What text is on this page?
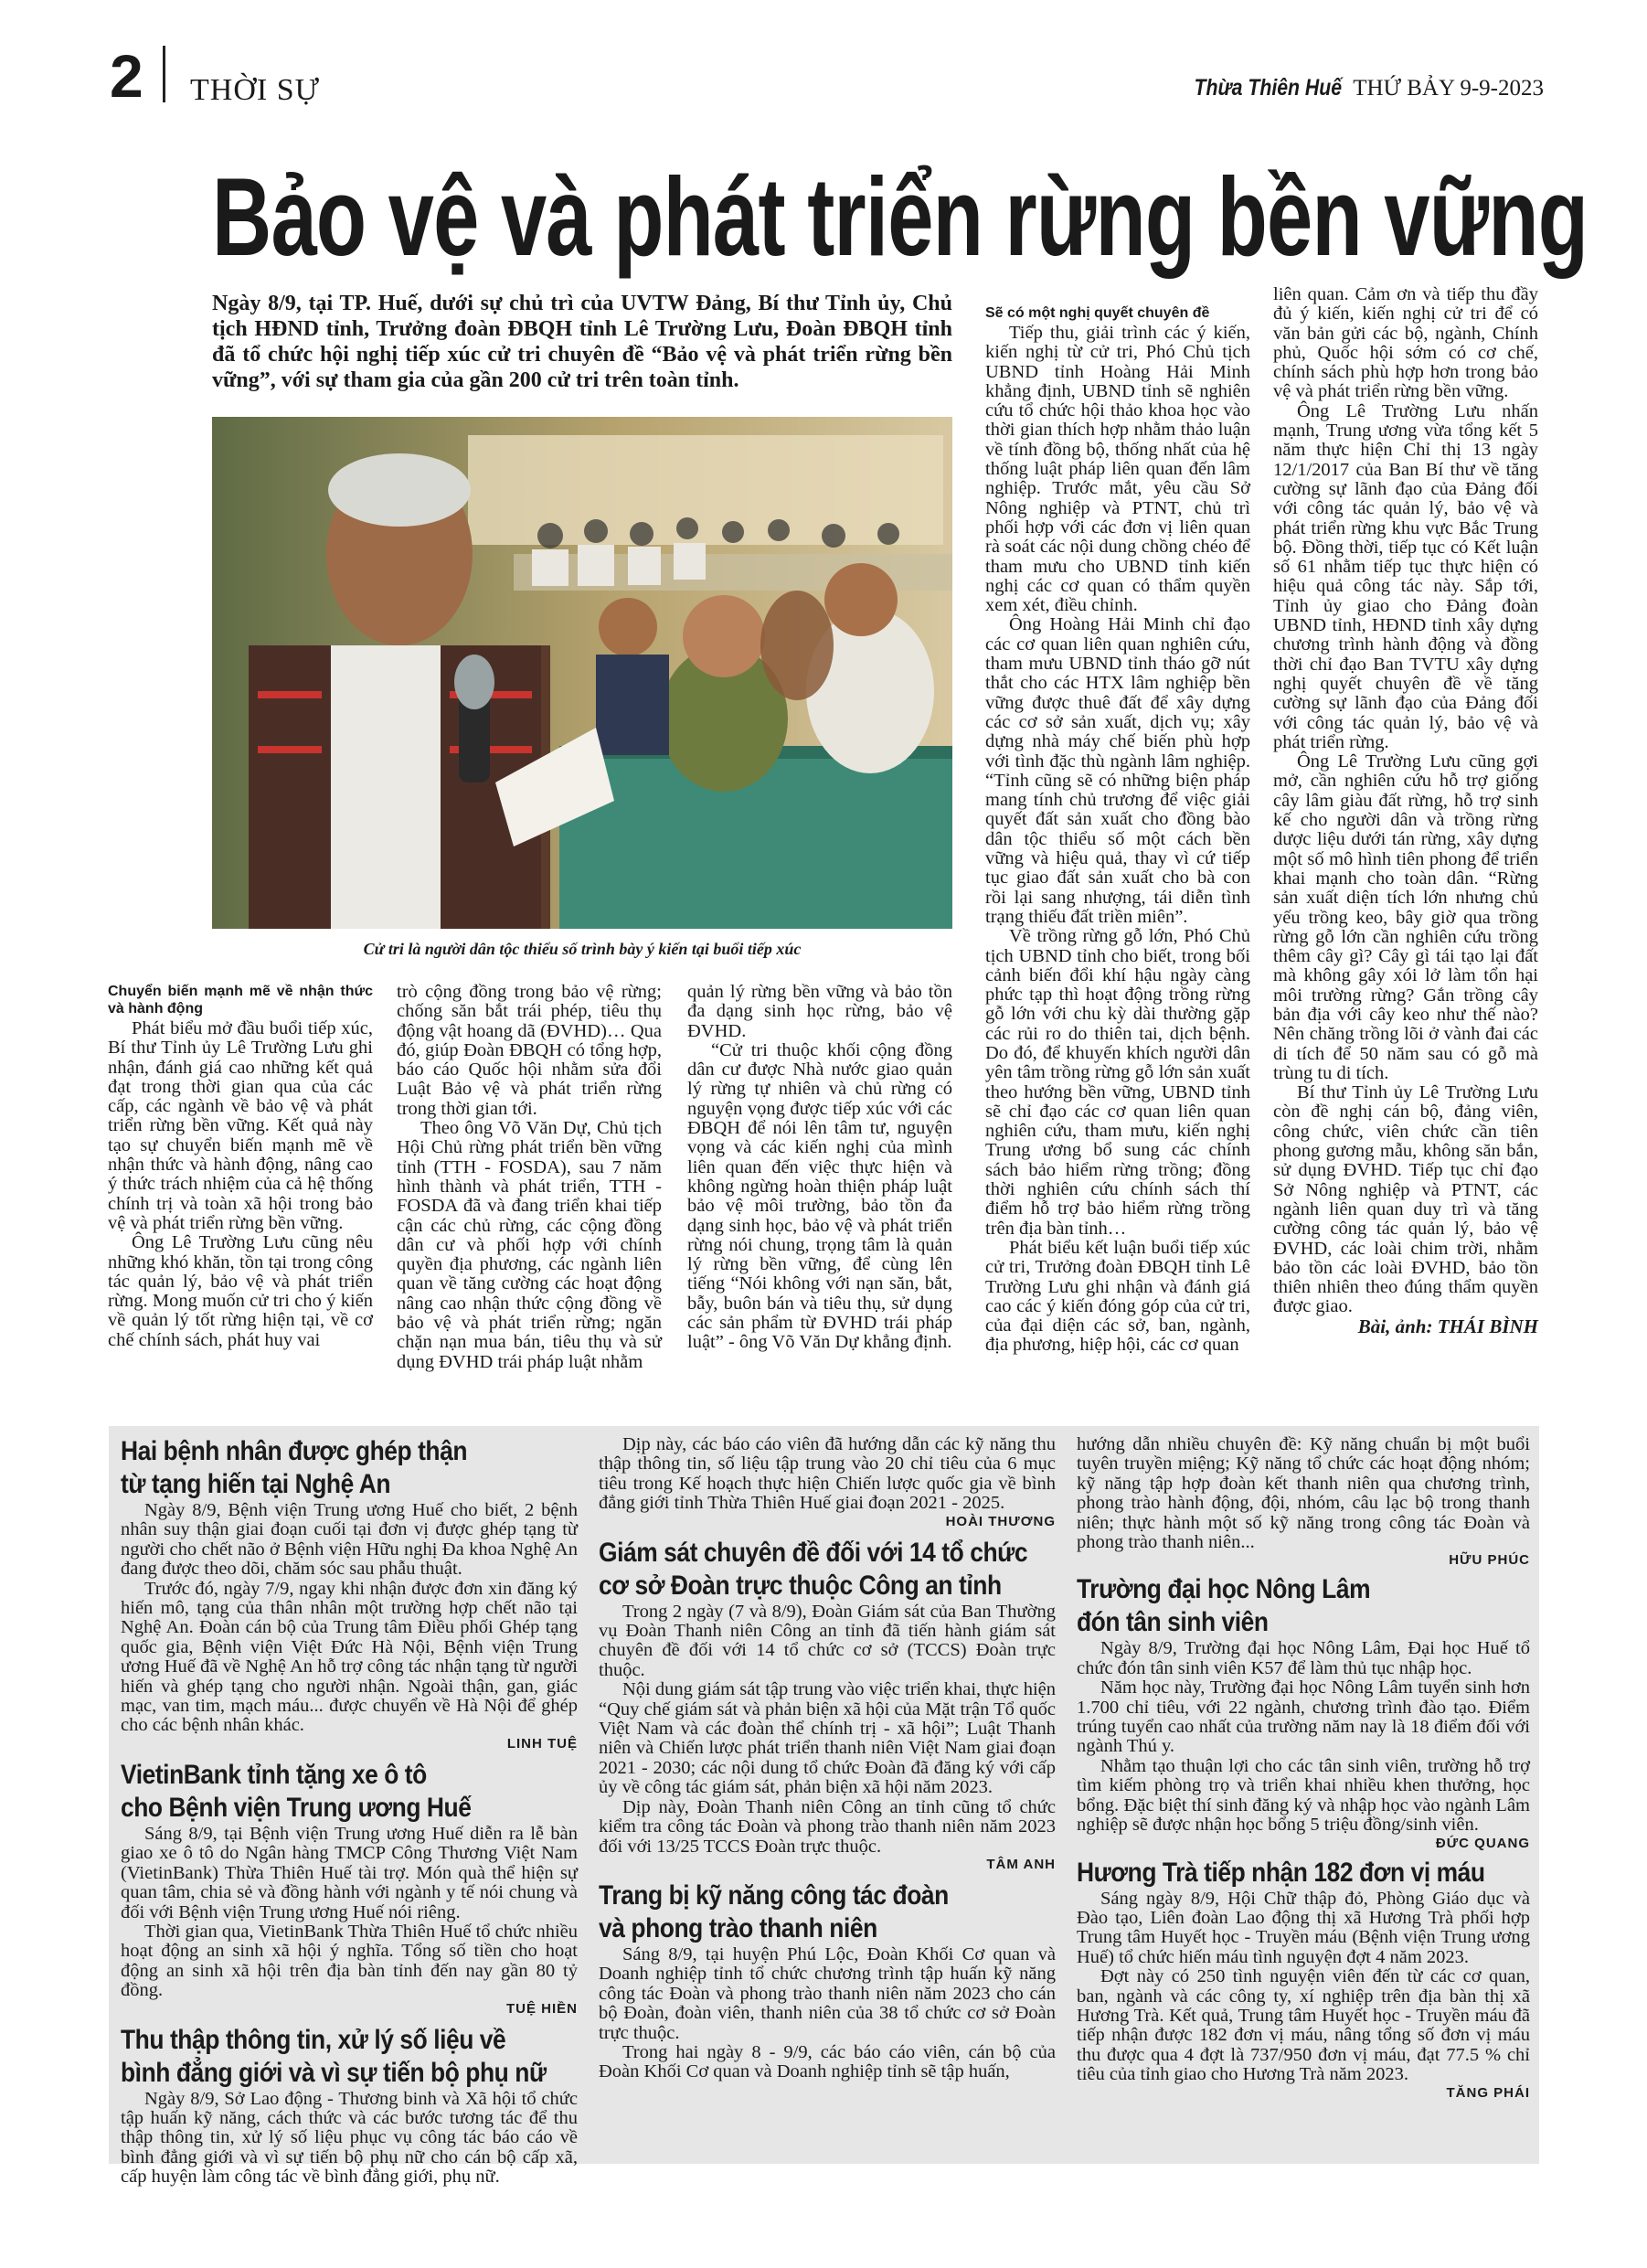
2 THỜI SỰ	Thừa Thiên Huế THỨ BẢY 9-9-2023
Bảo vệ và phát triển rừng bền vững

Ngày 8/9, tại TP. Huế, dưới sự chủ trì của UVTW Đảng, Bí thư Tỉnh ủy, Chủ tịch HĐND tỉnh, Trưởng đoàn ĐBQH tỉnh Lê Trường Lưu, Đoàn ĐBQH tỉnh đã tổ chức hội nghị tiếp xúc cử tri chuyên đề “Bảo vệ và phát triển rừng bền vững”, với sự tham gia của gần 200 cử tri trên toàn tỉnh.

Cử tri là người dân tộc thiểu số trình bày ý kiến tại buổi tiếp xúc

Chuyển biến mạnh mẽ về nhận thức và hành động

Phát biểu mở đầu buổi tiếp xúc, Bí thư Tỉnh ủy Lê Trường Lưu ghi nhận, đánh giá cao những kết quả đạt trong thời gian qua của các cấp, các ngành về bảo vệ và phát triển rừng bền vững. Kết quả này tạo sự chuyển biến mạnh mẽ về nhận thức và hành động, nâng cao ý thức trách nhiệm của cả hệ thống chính trị và toàn xã hội trong bảo vệ và phát triển rừng bền vững.

Ông Lê Trường Lưu cũng nêu những khó khăn, tồn tại trong công tác quản lý, bảo vệ và phát triển rừng. Mong muốn cử tri cho ý kiến về quản lý tốt rừng hiện tại, về cơ chế chính sách, phát huy vai

trò cộng đồng trong bảo vệ rừng; chống săn bắt trái phép, tiêu thụ động vật hoang dã (ĐVHD)… Qua đó, giúp Đoàn ĐBQH có tổng hợp, báo cáo Quốc hội nhằm sửa đổi Luật Bảo vệ và phát triển rừng trong thời gian tới.

Theo ông Võ Văn Dự, Chủ tịch Hội Chủ rừng phát triển bền vững tỉnh (TTH - FOSDA), sau 7 năm hình thành và phát triển, TTH - FOSDA đã và đang triển khai tiếp cận các chủ rừng, các cộng đồng dân cư và phối hợp với chính quyền địa phương, các ngành liên quan về tăng cường các hoạt động nâng cao nhận thức cộng đồng về bảo vệ và phát triển rừng; ngăn chặn nạn mua bán, tiêu thụ và sử dụng ĐVHD trái pháp luật nhằm

quản lý rừng bền vững và bảo tồn đa dạng sinh học rừng, bảo vệ ĐVHD.

“Cử tri thuộc khối cộng đồng dân cư được Nhà nước giao quản lý rừng tự nhiên và chủ rừng có nguyện vọng được tiếp xúc với các ĐBQH để nói lên tâm tư, nguyện vọng và các kiến nghị của mình liên quan đến việc thực hiện và không ngừng hoàn thiện pháp luật bảo vệ môi trường, bảo tồn đa dạng sinh học, bảo vệ và phát triển rừng nói chung, trọng tâm là quản lý rừng bền vững, để cùng lên tiếng “Nói không với nạn săn, bắt, bẫy, buôn bán và tiêu thụ, sử dụng các sản phẩm từ ĐVHD trái pháp luật” - ông Võ Văn Dự khẳng định.

Sẽ có một nghị quyết chuyên đề

Tiếp thu, giải trình các ý kiến, kiến nghị từ cử tri, Phó Chủ tịch UBND tỉnh Hoàng Hải Minh khẳng định, UBND tỉnh sẽ nghiên cứu tổ chức hội thảo khoa học vào thời gian thích hợp nhằm thảo luận về tính đồng bộ, thống nhất của hệ thống luật pháp liên quan đến lâm nghiệp. Trước mắt, yêu cầu Sở Nông nghiệp và PTNT, chủ trì phối hợp với các đơn vị liên quan rà soát các nội dung chồng chéo để tham mưu cho UBND tỉnh kiến nghị các cơ quan có thẩm quyền xem xét, điều chỉnh.

Ông Hoàng Hải Minh chỉ đạo các cơ quan liên quan nghiên cứu, tham mưu UBND tỉnh tháo gỡ nút thắt cho các HTX lâm nghiệp bền vững được thuê đất để xây dựng các cơ sở sản xuất, dịch vụ; xây dựng nhà máy chế biến phù hợp với tình đặc thù ngành lâm nghiệp. “Tỉnh cũng sẽ có những biện pháp mang tính chủ trương để việc giải quyết đất sản xuất cho đồng bào dân tộc thiểu số một cách bền vững và hiệu quả, thay vì cứ tiếp tục giao đất sản xuất cho bà con rồi lại sang nhượng, tái diễn tình trạng thiếu đất triền miên”.

Về trồng rừng gỗ lớn, Phó Chủ tịch UBND tỉnh cho biết, trong bối cảnh biến đổi khí hậu ngày càng phức tạp thì hoạt động trồng rừng gỗ lớn với chu kỳ dài thường gặp các rủi ro do thiên tai, dịch bệnh. Do đó, để khuyến khích người dân yên tâm trồng rừng gỗ lớn sản xuất theo hướng bền vững, UBND tỉnh sẽ chỉ đạo các cơ quan liên quan nghiên cứu, tham mưu, kiến nghị Trung ương bổ sung các chính sách bảo hiểm rừng trồng; đồng thời nghiên cứu chính sách thí điểm hỗ trợ bảo hiểm rừng trồng trên địa bàn tỉnh…

Phát biểu kết luận buổi tiếp xúc cử tri, Trưởng đoàn ĐBQH tỉnh Lê Trường Lưu ghi nhận và đánh giá cao các ý kiến đóng góp của cử tri, của đại diện các sở, ban, ngành, địa phương, hiệp hội, các cơ quan

liên quan. Cảm ơn và tiếp thu đầy đủ ý kiến, kiến nghị cử tri để có văn bản gửi các bộ, ngành, Chính phủ, Quốc hội sớm có cơ chế, chính sách phù hợp hơn trong bảo vệ và phát triển rừng bền vững.

Ông Lê Trường Lưu nhấn mạnh, Trung ương vừa tổng kết 5 năm thực hiện Chỉ thị 13 ngày 12/1/2017 của Ban Bí thư về tăng cường sự lãnh đạo của Đảng đối với công tác quản lý, bảo vệ và phát triển rừng khu vực Bắc Trung bộ. Đồng thời, tiếp tục có Kết luận số 61 nhằm tiếp tục thực hiện có hiệu quả công tác này. Sắp tới, Tỉnh ủy giao cho Đảng đoàn UBND tỉnh, HĐND tỉnh xây dựng chương trình hành động và đồng thời chỉ đạo Ban TVTU xây dựng nghị quyết chuyên đề về tăng cường sự lãnh đạo của Đảng đối với công tác quản lý, bảo vệ và phát triển rừng.

Ông Lê Trường Lưu cũng gợi mở, cần nghiên cứu hỗ trợ giống cây lâm giàu đất rừng, hỗ trợ sinh kế cho người dân và trồng rừng dược liệu dưới tán rừng, xây dựng một số mô hình tiên phong để triển khai mạnh cho toàn dân. “Rừng sản xuất diện tích lớn nhưng chủ yếu trồng keo, bây giờ qua trồng rừng gỗ lớn cần nghiên cứu trồng thêm cây gì? Cây gì tái tạo lại đất mà không gây xói lở làm tổn hại môi trường rừng? Gắn trồng cây bản địa với cây keo như thế nào? Nên chăng trồng lõi ở vành đai các di tích để 50 năm sau có gỗ mà trùng tu di tích.

Bí thư Tỉnh ủy Lê Trường Lưu còn đề nghị cán bộ, đảng viên, công chức, viên chức cần tiên phong gương mẫu, không săn bắn, sử dụng ĐVHD. Tiếp tục chỉ đạo Sở Nông nghiệp và PTNT, các ngành liên quan duy trì và tăng cường công tác quản lý, bảo vệ ĐVHD, các loài chim trời, nhằm bảo tồn các loài ĐVHD, bảo tồn thiên nhiên theo đúng thẩm quyền được giao.

Bài, ảnh: THÁI BÌNH

Hai bệnh nhân được ghép thận
từ tạng hiến tại Nghệ An

Ngày 8/9, Bệnh viện Trung ương Huế cho biết, 2 bệnh nhân suy thận giai đoạn cuối tại đơn vị được ghép tạng từ người cho chết não ở Bệnh viện Hữu nghị Đa khoa Nghệ An đang được theo dõi, chăm sóc sau phẫu thuật.

Trước đó, ngày 7/9, ngay khi nhận được đơn xin đăng ký hiến mô, tạng của thân nhân một trường hợp chết não tại Nghệ An. Đoàn cán bộ của Trung tâm Điều phối Ghép tạng quốc gia, Bệnh viện Việt Đức Hà Nội, Bệnh viện Trung ương Huế đã về Nghệ An hỗ trợ công tác nhận tạng từ người hiến và ghép tạng cho người nhận. Ngoài thận, gan, giác mạc, van tim, mạch máu... được chuyển về Hà Nội để ghép cho các bệnh nhân khác.

LINH TUỆ
VietinBank tỉnh tặng xe ô tô
cho Bệnh viện Trung ương Huế

Sáng 8/9, tại Bệnh viện Trung ương Huế diễn ra lễ bàn giao xe ô tô do Ngân hàng TMCP Công Thương Việt Nam (VietinBank) Thừa Thiên Huế tài trợ. Món quà thể hiện sự quan tâm, chia sẻ và đồng hành với ngành y tế nói chung và đối với Bệnh viện Trung ương Huế nói riêng.

Thời gian qua, VietinBank Thừa Thiên Huế tổ chức nhiều hoạt động an sinh xã hội ý nghĩa. Tổng số tiền cho hoạt động an sinh xã hội trên địa bàn tỉnh đến nay gần 80 tỷ đồng.

TUỆ HIỀN
Thu thập thông tin, xử lý số liệu về
bình đẳng giới và vì sự tiến bộ phụ nữ

Ngày 8/9, Sở Lao động - Thương binh và Xã hội tổ chức tập huấn kỹ năng, cách thức và các bước tương tác để thu thập thông tin, xử lý số liệu phục vụ công tác báo cáo về bình đẳng giới và vì sự tiến bộ phụ nữ cho cán bộ cấp xã, cấp huyện làm công tác về bình đẳng giới, phụ nữ.

Dịp này, các báo cáo viên đã hướng dẫn các kỹ năng thu thập thông tin, số liệu tập trung vào 20 chỉ tiêu của 6 mục tiêu trong Kế hoạch thực hiện Chiến lược quốc gia về bình đẳng giới tỉnh Thừa Thiên Huế giai đoạn 2021 - 2025.

HOÀI THƯƠNG
Giám sát chuyên đề đối với 14 tổ chức
cơ sở Đoàn trực thuộc Công an tỉnh

Trong 2 ngày (7 và 8/9), Đoàn Giám sát của Ban Thường vụ Đoàn Thanh niên Công an tỉnh đã tiến hành giám sát chuyên đề đối với 14 tổ chức cơ sở (TCCS) Đoàn trực thuộc.

Nội dung giám sát tập trung vào việc triển khai, thực hiện “Quy chế giám sát và phản biện xã hội của Mặt trận Tổ quốc Việt Nam và các đoàn thể chính trị - xã hội”; Luật Thanh niên và Chiến lược phát triển thanh niên Việt Nam giai đoạn 2021 - 2030; các nội dung tổ chức Đoàn đã đăng ký với cấp ủy về công tác giám sát, phản biện xã hội năm 2023.

Dịp này, Đoàn Thanh niên Công an tỉnh cũng tổ chức kiểm tra công tác Đoàn và phong trào thanh niên năm 2023 đối với 13/25 TCCS Đoàn trực thuộc.

TÂM ANH
Trang bị kỹ năng công tác đoàn
và phong trào thanh niên

Sáng 8/9, tại huyện Phú Lộc, Đoàn Khối Cơ quan và Doanh nghiệp tỉnh tổ chức chương trình tập huấn kỹ năng công tác Đoàn và phong trào thanh niên năm 2023 cho cán bộ Đoàn, đoàn viên, thanh niên của 38 tổ chức cơ sở Đoàn trực thuộc.

Trong hai ngày 8 - 9/9, các báo cáo viên, cán bộ của Đoàn Khối Cơ quan và Doanh nghiệp tỉnh sẽ tập huấn,

hướng dẫn nhiều chuyên đề: Kỹ năng chuẩn bị một buổi tuyên truyền miệng; Kỹ năng tổ chức các hoạt động nhóm; kỹ năng tập hợp đoàn kết thanh niên qua chương trình, phong trào hành động, đội, nhóm, câu lạc bộ trong thanh niên; thực hành một số kỹ năng trong công tác Đoàn và phong trào thanh niên...

HỮU PHÚC
Trường đại học Nông Lâm
đón tân sinh viên

Ngày 8/9, Trường đại học Nông Lâm, Đại học Huế tổ chức đón tân sinh viên K57 để làm thủ tục nhập học.

Năm học này, Trường đại học Nông Lâm tuyển sinh hơn 1.700 chỉ tiêu, với 22 ngành, chương trình đào tạo. Điểm trúng tuyển cao nhất của trường năm nay là 18 điểm đối với ngành Thú y.

Nhằm tạo thuận lợi cho các tân sinh viên, trường hỗ trợ tìm kiếm phòng trọ và triển khai nhiều khen thưởng, học bổng. Đặc biệt thí sinh đăng ký và nhập học vào ngành Lâm nghiệp sẽ được nhận học bổng 5 triệu đồng/sinh viên.

ĐỨC QUANG
Hương Trà tiếp nhận 182 đơn vị máu

Sáng ngày 8/9, Hội Chữ thập đỏ, Phòng Giáo dục và Đào tạo, Liên đoàn Lao động thị xã Hương Trà phối hợp Trung tâm Huyết học - Truyền máu (Bệnh viện Trung ương Huế) tổ chức hiến máu tình nguyện đợt 4 năm 2023.

Đợt này có 250 tình nguyện viên đến từ các cơ quan, ban, ngành và các công ty, xí nghiệp trên địa bàn thị xã Hương Trà. Kết quả, Trung tâm Huyết học - Truyền máu đã tiếp nhận được 182 đơn vị máu, nâng tổng số đơn vị máu thu được qua 4 đợt là 737/950 đơn vị máu, đạt 77.5 % chỉ tiêu của tỉnh giao cho Hương Trà năm 2023.

TĂNG PHÁI
